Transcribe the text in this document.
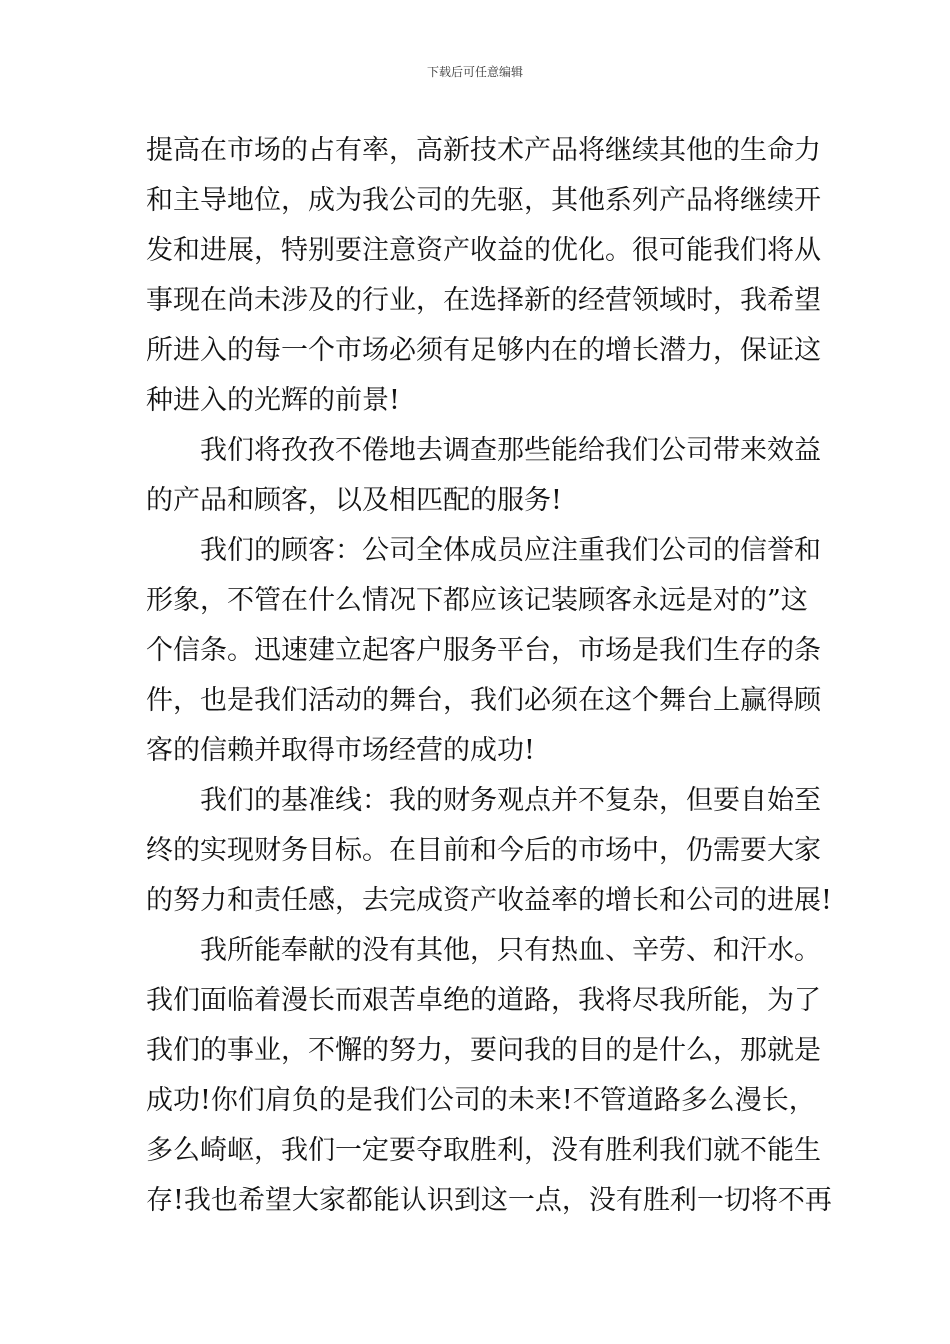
下载后可任意编辑
提高在市场的占有率，高新技术产品将继续其他的生命力
和主导地位，成为我公司的先驱，其他系列产品将继续开
发和进展，特别要注意资产收益的优化。很可能我们将从
事现在尚未涉及的行业，在选择新的经营领域时，我希望
所进入的每一个市场必须有足够内在的增长潜力，保证这
种进入的光辉的前景!
　　我们将孜孜不倦地去调查那些能给我们公司带来效益
的产品和顾客，以及相匹配的服务!
　　我们的顾客：公司全体成员应注重我们公司的信誉和
形象，不管在什么情况下都应该记装顾客永远是对的”这
个信条。迅速建立起客户服务平台，市场是我们生存的条
件，也是我们活动的舞台，我们必须在这个舞台上赢得顾
客的信赖并取得市场经营的成功!
　　我们的基准线：我的财务观点并不复杂，但要自始至
终的实现财务目标。在目前和今后的市场中，仍需要大家
的努力和责任感，去完成资产收益率的增长和公司的进展!
　　我所能奉献的没有其他，只有热血、辛劳、和汗水。
我们面临着漫长而艰苦卓绝的道路，我将尽我所能，为了
我们的事业，不懈的努力，要问我的目的是什么，那就是
成功!你们肩负的是我们公司的未来!不管道路多么漫长，
多么崎岖，我们一定要夺取胜利，没有胜利我们就不能生
存!我也希望大家都能认识到这一点，没有胜利一切将不再
